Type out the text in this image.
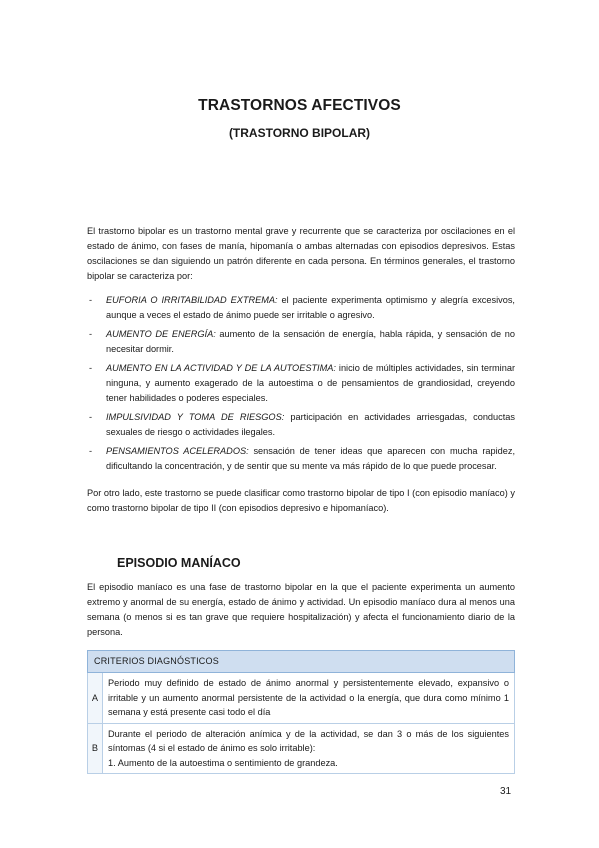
TRASTORNOS AFECTIVOS
(TRASTORNO BIPOLAR)

El trastorno bipolar es un trastorno mental grave y recurrente que se caracteriza por oscilaciones en el estado de ánimo, con fases de manía, hipomanía o ambas alternadas con episodios depresivos. Estas oscilaciones se dan siguiendo un patrón diferente en cada persona. En términos generales, el trastorno bipolar se caracteriza por:

- EUFORIA O IRRITABILIDAD EXTREMA: el paciente experimenta optimismo y alegría excesivos, aunque a veces el estado de ánimo puede ser irritable o agresivo.
- AUMENTO DE ENERGÍA: aumento de la sensación de energía, habla rápida, y sensación de no necesitar dormir.
- AUMENTO EN LA ACTIVIDAD Y DE LA AUTOESTIMA: inicio de múltiples actividades, sin terminar ninguna, y aumento exagerado de la autoestima o de pensamientos de grandiosidad, creyendo tener habilidades o poderes especiales.
- IMPULSIVIDAD Y TOMA DE RIESGOS: participación en actividades arriesgadas, conductas sexuales de riesgo o actividades ilegales.
- PENSAMIENTOS ACELERADOS: sensación de tener ideas que aparecen con mucha rapidez, dificultando la concentración, y de sentir que su mente va más rápido de lo que puede procesar.

Por otro lado, este trastorno se puede clasificar como trastorno bipolar de tipo I (con episodio maníaco) y como trastorno bipolar de tipo II (con episodios depresivo e hipomaníaco).

EPISODIO MANÍACO

El episodio maníaco es una fase de trastorno bipolar en la que el paciente experimenta un aumento extremo y anormal de su energía, estado de ánimo y actividad. Un episodio maníaco dura al menos una semana (o menos si es tan grave que requiere hospitalización) y afecta el funcionamiento diario de la persona.

CRITERIOS DIAGNÓSTICOS	
A	Periodo muy definido de estado de ánimo anormal y persistentemente elevado, expansivo o irritable y un aumento anormal persistente de la actividad o la energía, que dura como mínimo 1 semana y está presente casi todo el día
B	Durante el periodo de alteración anímica y de la actividad, se dan 3 o más de los siguientes síntomas (4 si el estado de ánimo es solo irritable):
1. Aumento de la autoestima o sentimiento de grandeza.
31
